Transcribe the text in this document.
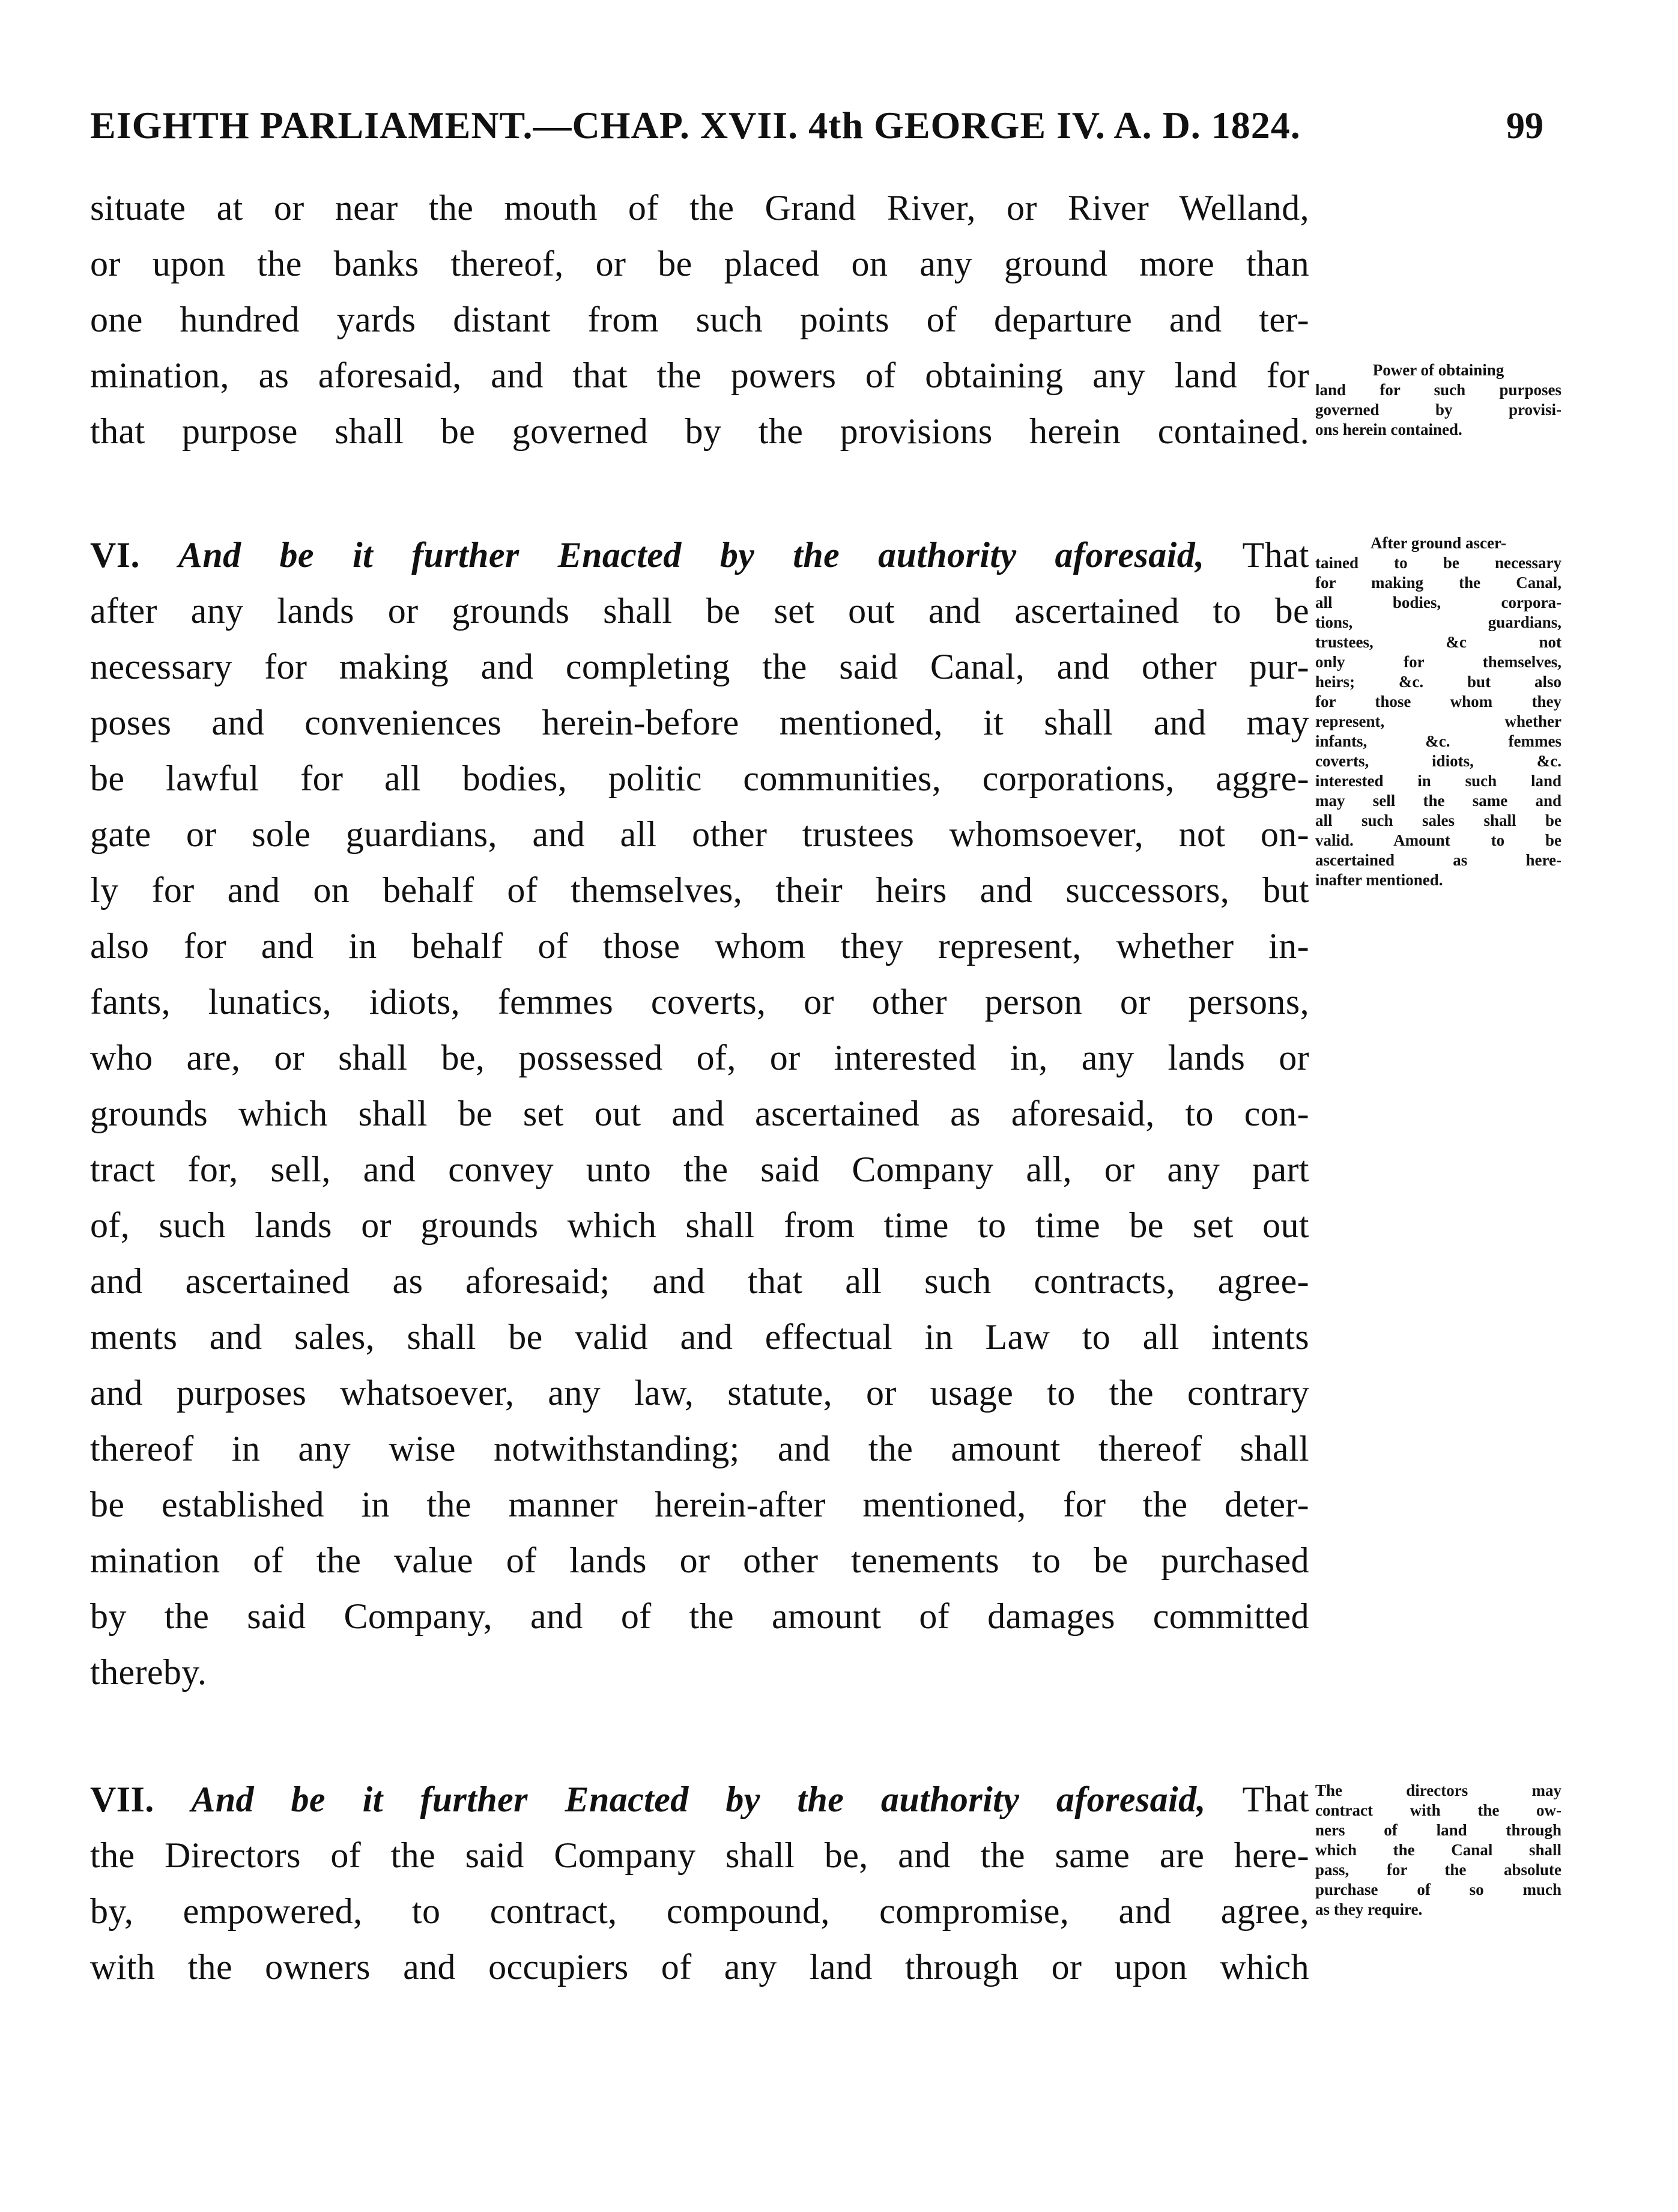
EIGHTH PARLIAMENT.—CHAP. XVII. 4th GEORGE IV. A. D. 1824.	99
situate at or near the mouth of the Grand River, or River Welland,
or upon the banks thereof, or be placed on any ground more than
one hundred yards distant from such points of departure and ter-
mination, as aforesaid, and that the powers of obtaining any land for
that purpose shall be governed by the provisions herein contained.
Power of obtaining
land for such purposes
governed by provisi-
ons herein contained.
VI. And be it further Enacted by the authority aforesaid, That
after any lands or grounds shall be set out and ascertained to be
necessary for making and completing the said Canal, and other pur-
poses and conveniences herein-before mentioned, it shall and may
be lawful for all bodies, politic communities, corporations, aggre-
gate or sole guardians, and all other trustees whomsoever, not on-
ly for and on behalf of themselves, their heirs and successors, but
also for and in behalf of those whom they represent, whether in-
fants, lunatics, idiots, femmes coverts, or other person or persons,
who are, or shall be, possessed of, or interested in, any lands or
grounds which shall be set out and ascertained as aforesaid, to con-
tract for, sell, and convey unto the said Company all, or any part
of, such lands or grounds which shall from time to time be set out
and ascertained as aforesaid; and that all such contracts, agree-
ments and sales, shall be valid and effectual in Law to all intents
and purposes whatsoever, any law, statute, or usage to the contrary
thereof in any wise notwithstanding; and the amount thereof shall
be established in the manner herein-after mentioned, for the deter-
mination of the value of lands or other tenements to be purchased
by the said Company, and of the amount of damages committed
thereby.
After ground ascer-
tained to be necessary
for making the Canal,
all bodies, corpora-
tions, guardians,
trustees, &c not
only for themselves,
heirs; &c. but also
for those whom they
represent, whether
infants, &c. femmes
coverts, idiots, &c.
interested in such land
may sell the same and
all such sales shall be
valid. Amount to be
ascertained as here-
inafter mentioned.
VII. And be it further Enacted by the authority aforesaid, That
the Directors of the said Company shall be, and the same are here-
by, empowered, to contract, compound, compromise, and agree,
with the owners and occupiers of any land through or upon which
The directors may
contract with the ow-
ners of land through
which the Canal shall
pass, for the absolute
purchase of so much
as they require.
